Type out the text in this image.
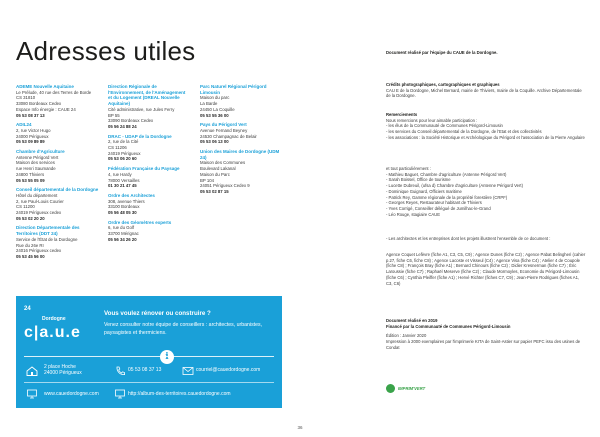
Adresses utiles
ADEME Nouvelle Aquitaine
Le Prélude, 40 rue des Terres de Borde
CS 31810
33080 Bordeaux Cedex
Espace Info énergie : CAUE 24
05 53 08 37 13
ADIL24
2, rue Victor Hugo
24000 Périgueux
05 53 09 89 89
Chambre d'Agriculture
Antenne Périgord Vert
Maison des services
rue Henri Saumande
24800 Thiviers
05 53 55 05 09
Conseil départemental de la Dordogne
Hôtel du département
2, rue Paul-Louis Courier
CS 11200
24019 Périgueux cedex
05 53 02 20 20
Direction Départementale des Territoires (DDT 24)
Service de l'État de la Dordogne
Rue du 26e RI
24016 Périgueux cedex
05 53 45 56 00
Direction Régionale de l'Environnement, de l'Aménagement et du Logement (DREAL Nouvelle Aquitaine)
Cité administrative, rue Jules Ferry
BP 55
33090 Bordeaux Cedex
05 56 24 88 24
DRAC - UDAP de la Dordogne
2, rue de la Cité
CS 11206
24019 Périgueux
05 53 06 20 60
Fédération Française du Paysage
4, rue Hardy
78000 Versailles
01 30 21 47 45
Ordre des Architectes
308, avenue Thiers
33100 Bordeaux
05 56 48 05 30
Ordre des Géomètres experts
6, rue du Golf
33700 Mérignac
05 56 34 26 20
Parc Naturel Régional Périgord Limousin
Maison du parc
La Barde
24450 La Coquille
05 53 55 36 00
Pays du Périgord Vert
Avenue Fernand Beyney
24530 Champagnac de Belair
05 53 06 13 00
Union des Maires de Dordogne (UDM 24)
Maison des Communes
Boulevard Lakanal
Maison du Parc
BP 104
24051 Périgueux Cedex 9
05 53 02 87 15
24
Dordogne
c|a.u.e
Vous voulez rénover ou construire ?
Venez consulter notre équipe de conseillers : architectes, urbanistes, paysagistes et thermiciens.
i
2 place Hoche
24000 Périgueux	05 53 08 37 13	courriel@cauedordogne.com
www.cauedordogne.com	http://album-des-territoires.cauedordogne.com
Document réalisé par l'équipe du CAUE de la Dordogne.
Crédits photographiques, cartographiques et graphiques
CAU E de la Dordogne, Michel Bernard, mairie de Thiviers, mairie de la Coquille. Archive Départementale de la Dordogne.
Remerciements
Nous remercions pour leur aimable participation :
- les élus de la Communauté de Communes Périgord-Limousin
- les services du Conseil départemental de la Dordogne, de l'Etat et des collectivités
- les associations : la Société Historique et Archéologique du Périgord et l'association de la Pierre Angulaire
et tout particulièrement :
- Mathieu Baguet, Chambre d'agriculture (Antenne Périgord Vert)
- Sarah Boissel, Office de tourisme
- Lucette Dubreuil, (ufsa d) Chambre d'agriculture (Antenne Périgord Vert)
- Dominique Guignard, Officiers maritime
- Patrick Rey, Gamme régionale de la propriété forestière (CRPF)
- Georges Reyes, Restaurateur habitant de Thiviers
- Yves Corrigé, Conseiller délégué de Jumilhac-le-Grand
- Léo Rouge, stagiaire CAUE
- Les architectes et les entreprises dont les projets illustrent l'ensemble de ce document :
Agence Coquet Lefèvre (fiche A1, C3, C5, C9) ; Agence Dunes (fiche C2) ; Agence Pabat Belingheri (cahier p.27, fiche C6, fiche C8) ; Agence Lacoste et Visseul (C4) ; Agence Visa (fiche C4) ; Atelier 4 de Coupole (fiche C8) ; François Bray (fiche A1) ; Bernard Chinours (fiche C2) ; Didier Kresnerman (fiche C7) ; Éric Laroussie (fiche C7) ; Raphaël Meserve (fiche C2) ; Claude Mormoyles, Economie du Périgord-Limousin (fiche C6) ; Cynthia Pleiffer (fiche A1) ; Hervé Richter (fiches C7, C9) ; Jean-Pierre Rodrigues (fiches A1, C3, C6)
Document réalisé en 2019
Financé par la Communauté de Communes Périgord-Limousin
Édition : Janvier 2020
Impression à 2000 exemplaires par l'imprimerie KITA de Saint-Astier sur papier PEFC issu des usines de Condat
IMPRIM'VERT
36
